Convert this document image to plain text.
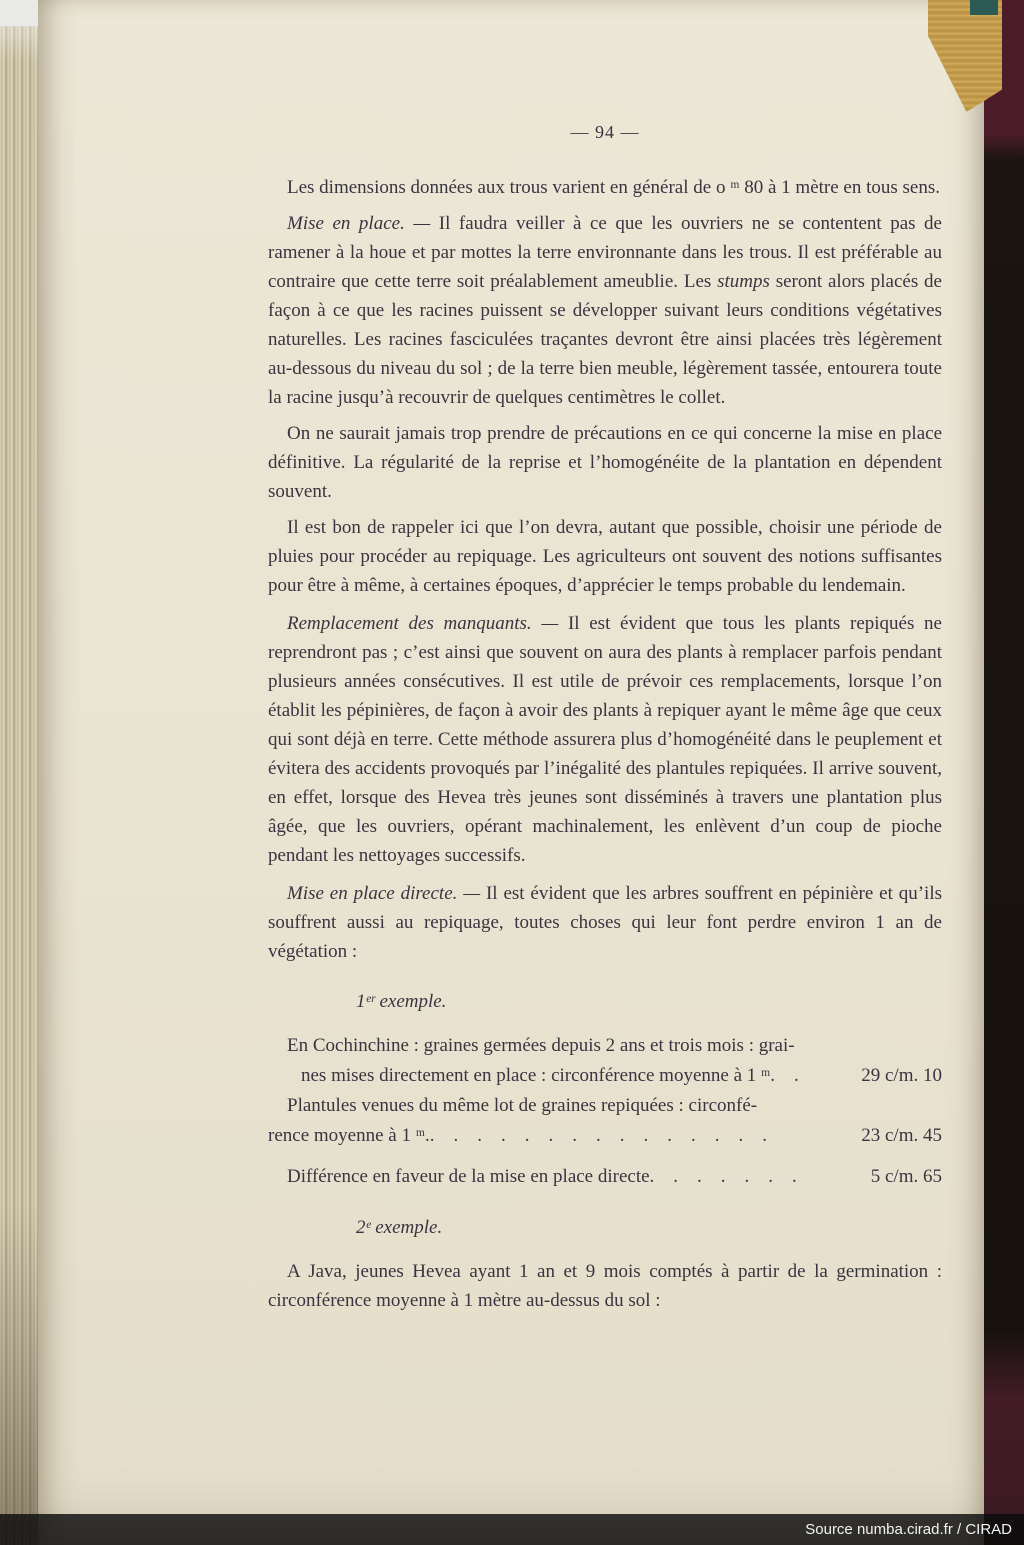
— 94 —

Les dimensions données aux trous varient en général de o ᵐ 80 à 1 mètre en tous sens.

Mise en place. — Il faudra veiller à ce que les ouvriers ne se contentent pas de ramener à la houe et par mottes la terre environnante dans les trous. Il est préférable au contraire que cette terre soit préalablement ameublie. Les stumps seront alors placés de façon à ce que les racines puissent se développer suivant leurs conditions végétatives naturelles. Les racines fasciculées traçantes devront être ainsi placées très légèrement au-dessous du niveau du sol ; de la terre bien meuble, légèrement tassée, entourera toute la racine jusqu’à recouvrir de quelques centimètres le collet.

On ne saurait jamais trop prendre de précautions en ce qui concerne la mise en place définitive. La régularité de la reprise et l’homogénéite de la plantation en dépendent souvent.

Il est bon de rappeler ici que l’on devra, autant que possible, choisir une période de pluies pour procéder au repiquage. Les agriculteurs ont souvent des notions suffisantes pour être à même, à certaines époques, d’apprécier le temps probable du lendemain.

Remplacement des manquants. — Il est évident que tous les plants repiqués ne reprendront pas ; c’est ainsi que souvent on aura des plants à remplacer parfois pendant plusieurs années consécutives. Il est utile de prévoir ces remplacements, lorsque l’on établit les pépinières, de façon à avoir des plants à repiquer ayant le même âge que ceux qui sont déjà en terre. Cette méthode assurera plus d’homogénéité dans le peuplement et évitera des accidents provoqués par l’inégalité des plantules repiquées. Il arrive souvent, en effet, lorsque des Hevea très jeunes sont disséminés à travers une plantation plus âgée, que les ouvriers, opérant machinalement, les enlèvent d’un coup de pioche pendant les nettoyages successifs.

Mise en place directe. — Il est évident que les arbres souffrent en pépinière et qu’ils souffrent aussi au repiquage, toutes choses qui leur font perdre environ 1 an de végétation :

1ᵉʳ exemple.

En Cochinchine : graines germées depuis 2 ans et trois mois : grai-
nes mises directement en place : circonférence moyenne à 1 ᵐ. .	29 c/m. 10
Plantules venues du même lot de graines repiquées : circonfé-
rence moyenne à 1 ᵐ.. . . . . . . . . . . . . . .	23 c/m. 45
Différence en faveur de la mise en place directe. . . . . . .	5 c/m. 65

2ᵉ exemple.

A Java, jeunes Hevea ayant 1 an et 9 mois comptés à partir de la germination : circonférence moyenne à 1 mètre au-dessus du sol :

Source numba.cirad.fr / CIRAD
